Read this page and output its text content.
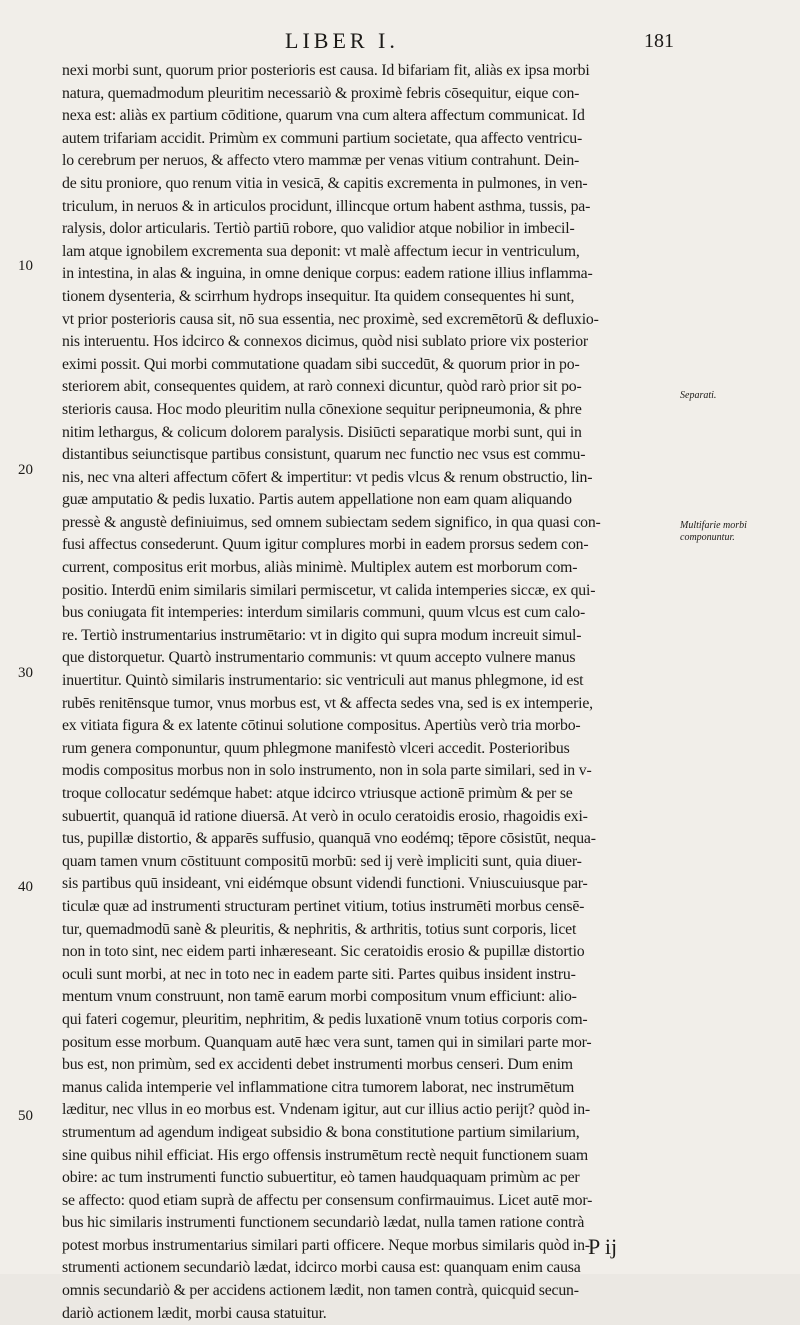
LIBER I.	181
nexi morbi sunt, quorum prior posterioris est causa. Id bifariam fit, aliàs ex ipsa morbi
natura, quemadmodum pleuritim necessariò & proximè febris cōsequitur, eique con-
nexa est: aliàs ex partium cōditione, quarum vna cum altera affectum communicat. Id
autem trifariam accidit. Primùm ex communi partium societate, qua affecto ventricu-
lo cerebrum per neruos, & affecto vtero mammæ per venas vitium contrahunt. Dein-
de situ proniore, quo renum vitia in vesicā, & capitis excrementa in pulmones, in ven-
triculum, in neruos & in articulos procidunt, illincque ortum habent asthma, tussis, pa-
ralysis, dolor articularis. Tertiò partiū robore, quo validior atque nobilior in imbecil-
lam atque ignobilem excrementa sua deponit: vt malè affectum iecur in ventriculum,
in intestina, in alas & inguina, in omne denique corpus: eadem ratione illius inflamma-
tionem dysenteria, & scirrhum hydrops insequitur. Ita quidem consequentes hi sunt,
vt prior posterioris causa sit, nō sua essentia, nec proximè, sed excremētorū & defluxio-
nis interuentu. Hos idcirco & connexos dicimus, quòd nisi sublato priore vix posterior
eximi possit. Qui morbi commutatione quadam sibi succedūt, & quorum prior in po-
steriorem abit, consequentes quidem, at rarò connexi dicuntur, quòd rarò prior sit po-
sterioris causa. Hoc modo pleuritim nulla cōnexione sequitur peripneumonia, & phre
nitim lethargus, & colicum dolorem paralysis. Disiūcti separatique morbi sunt, qui in
distantibus seiunctisque partibus consistunt, quarum nec functio nec vsus est commu-
nis, nec vna alteri affectum cōfert & impertitur: vt pedis vlcus & renum obstructio, lin-
guæ amputatio & pedis luxatio. Partis autem appellatione non eam quam aliquando
pressè & angustè definiuimus, sed omnem subiectam sedem significo, in qua quasi con-
fusi affectus consederunt. Quum igitur complures morbi in eadem prorsus sedem con-
current, compositus erit morbus, aliàs minimè. Multiplex autem est morborum com-
positio. Interdū enim similaris similari permiscetur, vt calida intemperies siccæ, ex qui-
bus coniugata fit intemperies: interdum similaris communi, quum vlcus est cum calo-
re. Tertiò instrumentarius instrumētario: vt in digito qui supra modum increuit simul-
que distorquetur. Quartò instrumentario communis: vt quum accepto vulnere manus
inuertitur. Quintò similaris instrumentario: sic ventriculi aut manus phlegmone, id est
rubēs renitēnsque tumor, vnus morbus est, vt & affecta sedes vna, sed is ex intemperie,
ex vitiata figura & ex latente cōtinui solutione compositus. Apertiùs verò tria morbo-
rum genera componuntur, quum phlegmone manifestò vlceri accedit. Posterioribus
modis compositus morbus non in solo instrumento, non in sola parte similari, sed in v-
troque collocatur sedémque habet: atque idcirco vtriusque actionē primùm & per se
subuertit, quanquā id ratione diuersā. At verò in oculo ceratoidis erosio, rhagoidis exi-
tus, pupillæ distortio, & apparēs suffusio, quanquā vno eodémq; tēpore cōsistūt, nequa-
quam tamen vnum cōstituunt compositū morbū: sed ij verè impliciti sunt, quia diuer-
sis partibus quū insideant, vni eidémque obsunt videndi functioni. Vniuscuiusque par-
ticulæ quæ ad instrumenti structuram pertinet vitium, totius instrumēti morbus censē-
tur, quemadmodū sanè & pleuritis, & nephritis, & arthritis, totius sunt corporis, licet
non in toto sint, nec eidem parti inhæreseant. Sic ceratoidis erosio & pupillæ distortio
oculi sunt morbi, at nec in toto nec in eadem parte siti. Partes quibus insident instru-
mentum vnum construunt, non tamē earum morbi compositum vnum efficiunt: alio-
qui fateri cogemur, pleuritim, nephritim, & pedis luxationē vnum totius corporis com-
positum esse morbum. Quanquam autē hæc vera sunt, tamen qui in similari parte mor-
bus est, non primùm, sed ex accidenti debet instrumenti morbus censeri. Dum enim
manus calida intemperie vel inflammatione citra tumorem laborat, nec instrumētum
læditur, nec vllus in eo morbus est. Vndenam igitur, aut cur illius actio perijt? quòd in-
strumentum ad agendum indigeat subsidio & bona constitutione partium similarium,
sine quibus nihil efficiat. His ergo offensis instrumētum rectè nequit functionem suam
obire: ac tum instrumenti functio subuertitur, eò tamen haudquaquam primùm ac per
se affecto: quod etiam suprà de affectu per consensum confirmauimus. Licet autē mor-
bus hic similaris instrumenti functionem secundariò lædat, nulla tamen ratione contrà
potest morbus instrumentarius similari parti officere. Neque morbus similaris quòd in-
strumenti actionem secundariò lædat, idcirco morbi causa est: quanquam enim causa
omnis secundariò & per accidens actionem lædit, non tamen contrà, quicquid secun-
dariò actionem lædit, morbi causa statuitur.
10
20
30
40
50
Separati.
Multifarie morbi componuntur.
P ij
